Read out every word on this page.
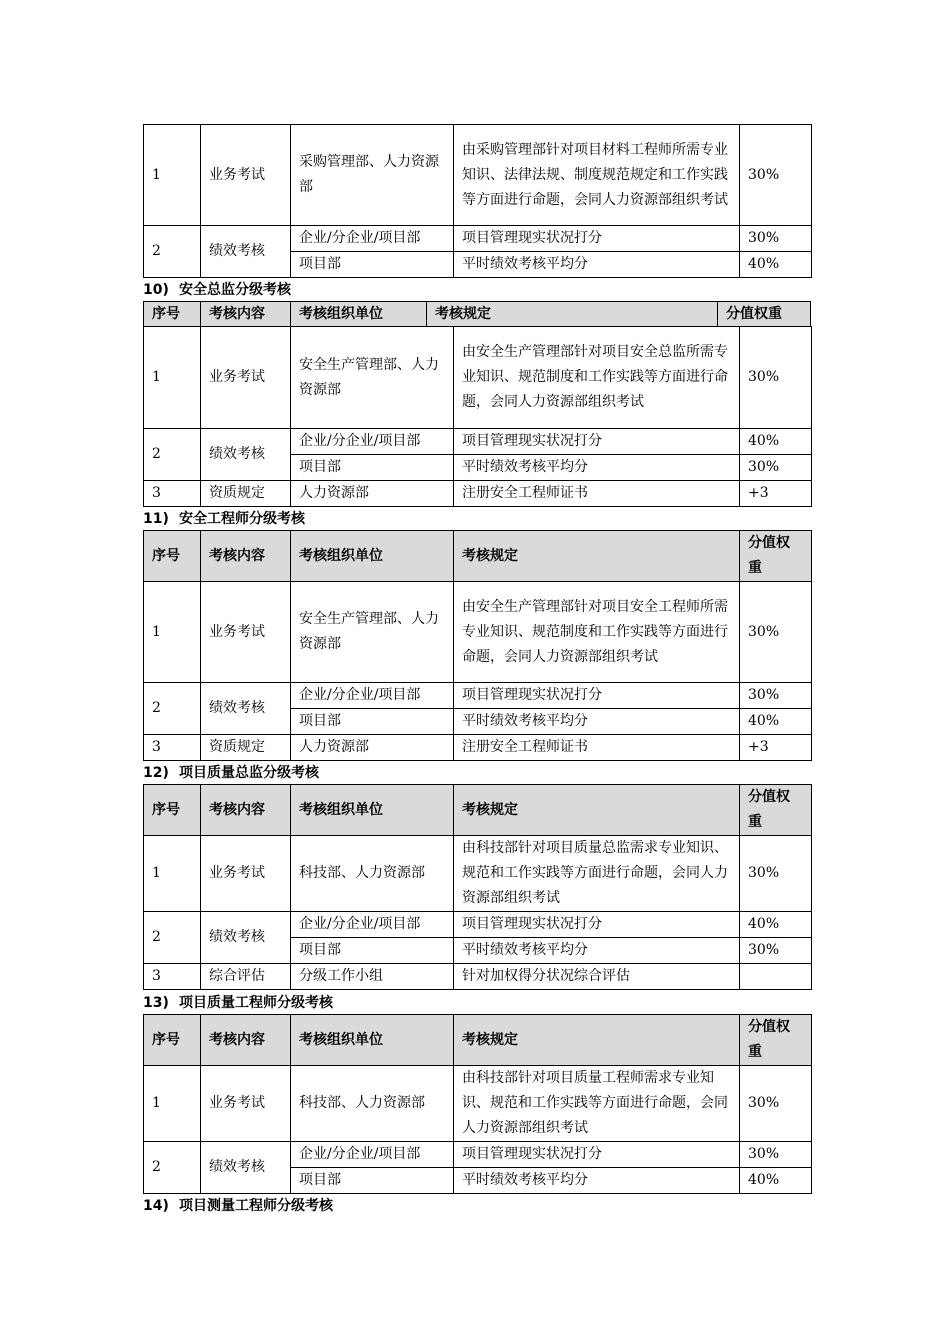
1	业务考试	采购管理部、人力资源部	由采购管理部针对项目材料工程师所需专业知识、法律法规、制度规范规定和工作实践等方面进行命题，会同人力资源部组织考试	30%
2	绩效考核	企业/分企业/项目部	项目管理现实状况打分	30%
		项目部	平时绩效考核平均分	40%
10) 安全总监分级考核
序号	考核内容	考核组织单位	考核规定	分值权重
1	业务考试	安全生产管理部、人力资源部	由安全生产管理部针对项目安全总监所需专业知识、规范制度和工作实践等方面进行命题，会同人力资源部组织考试	30%
2	绩效考核	企业/分企业/项目部	项目管理现实状况打分	40%
		项目部	平时绩效考核平均分	30%
3	资质规定	人力资源部	注册安全工程师证书	+3
11) 安全工程师分级考核
序号	考核内容	考核组织单位	考核规定	分值权重
1	业务考试	安全生产管理部、人力资源部	由安全生产管理部针对项目安全工程师所需专业知识、规范制度和工作实践等方面进行命题，会同人力资源部组织考试	30%
2	绩效考核	企业/分企业/项目部	项目管理现实状况打分	30%
		项目部	平时绩效考核平均分	40%
3	资质规定	人力资源部	注册安全工程师证书	+3
12) 项目质量总监分级考核
序号	考核内容	考核组织单位	考核规定	分值权重
1	业务考试	科技部、人力资源部	由科技部针对项目质量总监需求专业知识、规范和工作实践等方面进行命题，会同人力资源部组织考试	30%
2	绩效考核	企业/分企业/项目部	项目管理现实状况打分	40%
		项目部	平时绩效考核平均分	30%
3	综合评估	分级工作小组	针对加权得分状况综合评估	
13) 项目质量工程师分级考核
序号	考核内容	考核组织单位	考核规定	分值权重
1	业务考试	科技部、人力资源部	由科技部针对项目质量工程师需求专业知识、规范和工作实践等方面进行命题，会同人力资源部组织考试	30%
2	绩效考核	企业/分企业/项目部	项目管理现实状况打分	30%
		项目部	平时绩效考核平均分	40%
14) 项目测量工程师分级考核
